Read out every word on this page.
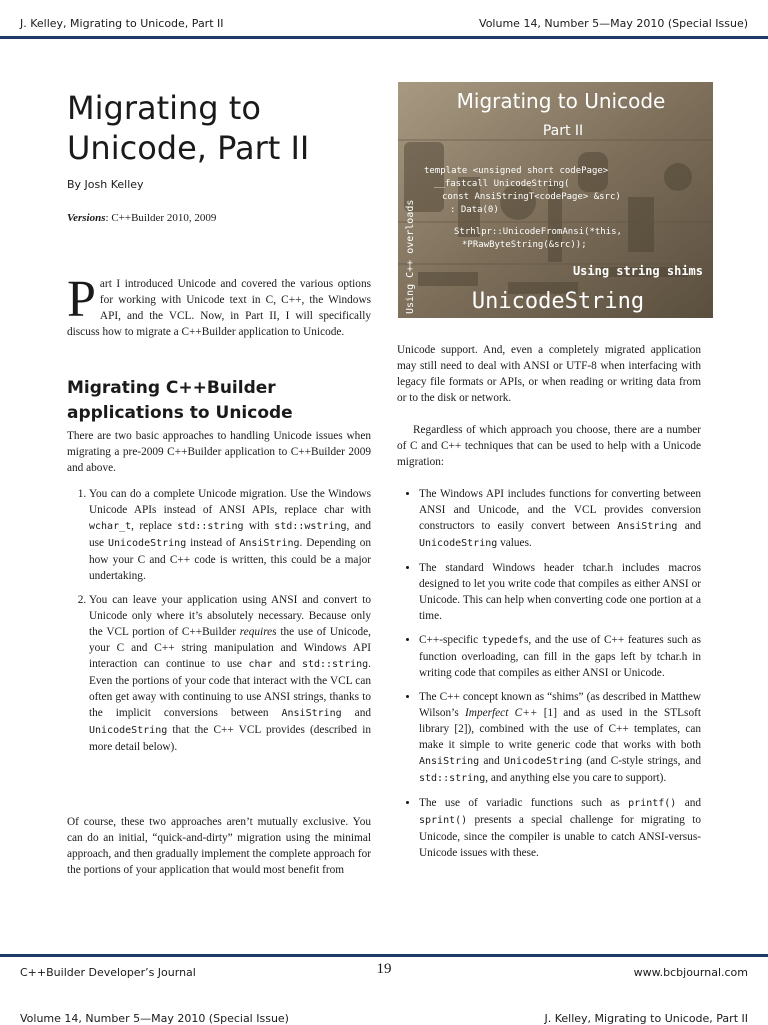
J. Kelley, Migrating to Unicode, Part II	Volume 14, Number 5—May 2010 (Special Issue)
Migrating to
Unicode, Part II
By Josh Kelley
Versions: C++Builder 2010, 2009
Part I introduced Unicode and covered the various options for working with Unicode text in C, C++, the Windows API, and the VCL. Now, in Part II, I will specifically discuss how to migrate a C++Builder application to Unicode.
Migrating C++Builder applications to Unicode

There are two basic approaches to handling Unicode issues when migrating a pre-2009 C++Builder application to C++Builder 2009 and above.

1. You can do a complete Unicode migration. Use the Windows Unicode APIs instead of ANSI APIs, replace char with wchar_t, replace std::string with std::wstring, and use UnicodeString instead of AnsiString. Depending on how your C and C++ code is written, this could be a major undertaking.
2. You can leave your application using ANSI and convert to Unicode only where it’s absolutely necessary. Because only the VCL portion of C++Builder requires the use of Unicode, your C and C++ string manipulation and Windows API interaction can continue to use char and std::string. Even the portions of your code that interact with the VCL can often get away with continuing to use ANSI strings, thanks to the implicit conversions between AnsiString and UnicodeString that the C++ VCL provides (described in more detail below).

Of course, these two approaches aren’t mutually exclusive. You can do an initial, “quick-and-dirty” migration using the minimal approach, and then gradually implement the complete approach for the portions of your application that would most benefit from

Migrating to Unicode
Part II
template <unsigned short codePage>
__fastcall UnicodeString(
const AnsiStringT<codePage> &src)
: Data(0)
Strhlpr::UnicodeFromAnsi(*this,
*PRawByteString(&src));
Using C++ overloads	Using string shims
UnicodeString

Unicode support. And, even a completely migrated application may still need to deal with ANSI or UTF-8 when interfacing with legacy file formats or APIs, or when reading or writing data from or to the disk or network.

Regardless of which approach you choose, there are a number of C and C++ techniques that can be used to help with a Unicode migration:

• The Windows API includes functions for converting between ANSI and Unicode, and the VCL provides conversion constructors to easily convert between AnsiString and UnicodeString values.
• The standard Windows header tchar.h includes macros designed to let you write code that compiles as either ANSI or Unicode. This can help when converting code one portion at a time.
• C++-specific typedefs, and the use of C++ features such as function overloading, can fill in the gaps left by tchar.h in writing code that compiles as either ANSI or Unicode.
• The C++ concept known as “shims” (as described in Matthew Wilson’s Imperfect C++ [1] and as used in the STLsoft library [2]), combined with the use of C++ templates, can make it simple to write generic code that works with both AnsiString and UnicodeString (and C-style strings, and std::string, and anything else you care to support).
• The use of variadic functions such as printf() and sprint() presents a special challenge for migrating to Unicode, since the compiler is unable to catch ANSI-versus-Unicode issues with these.
C++Builder Developer’s Journal	19	www.bcbjournal.com
Volume 14, Number 5—May 2010 (Special Issue)	J. Kelley, Migrating to Unicode, Part II
